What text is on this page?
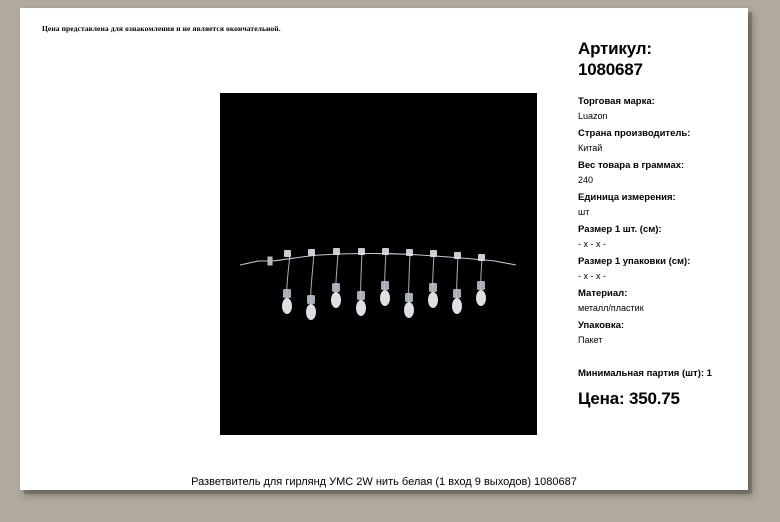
Цена представлена для ознакомления и не является окончательной.
Артикул:
1080687
Торговая марка:
Luazon
Страна производитель:
Китай
Вес товара в граммах:
240
Единица измерения:
шт
Размер 1 шт. (см):
- x - x -
Размер 1 упаковки (см):
- x - x -
Материал:
металл/пластик
Упаковка:
Пакет
Минимальная партия (шт): 1
Цена: 350.75
Разветвитель для гирлянд УМС 2W нить белая (1 вход 9 выходов) 1080687
